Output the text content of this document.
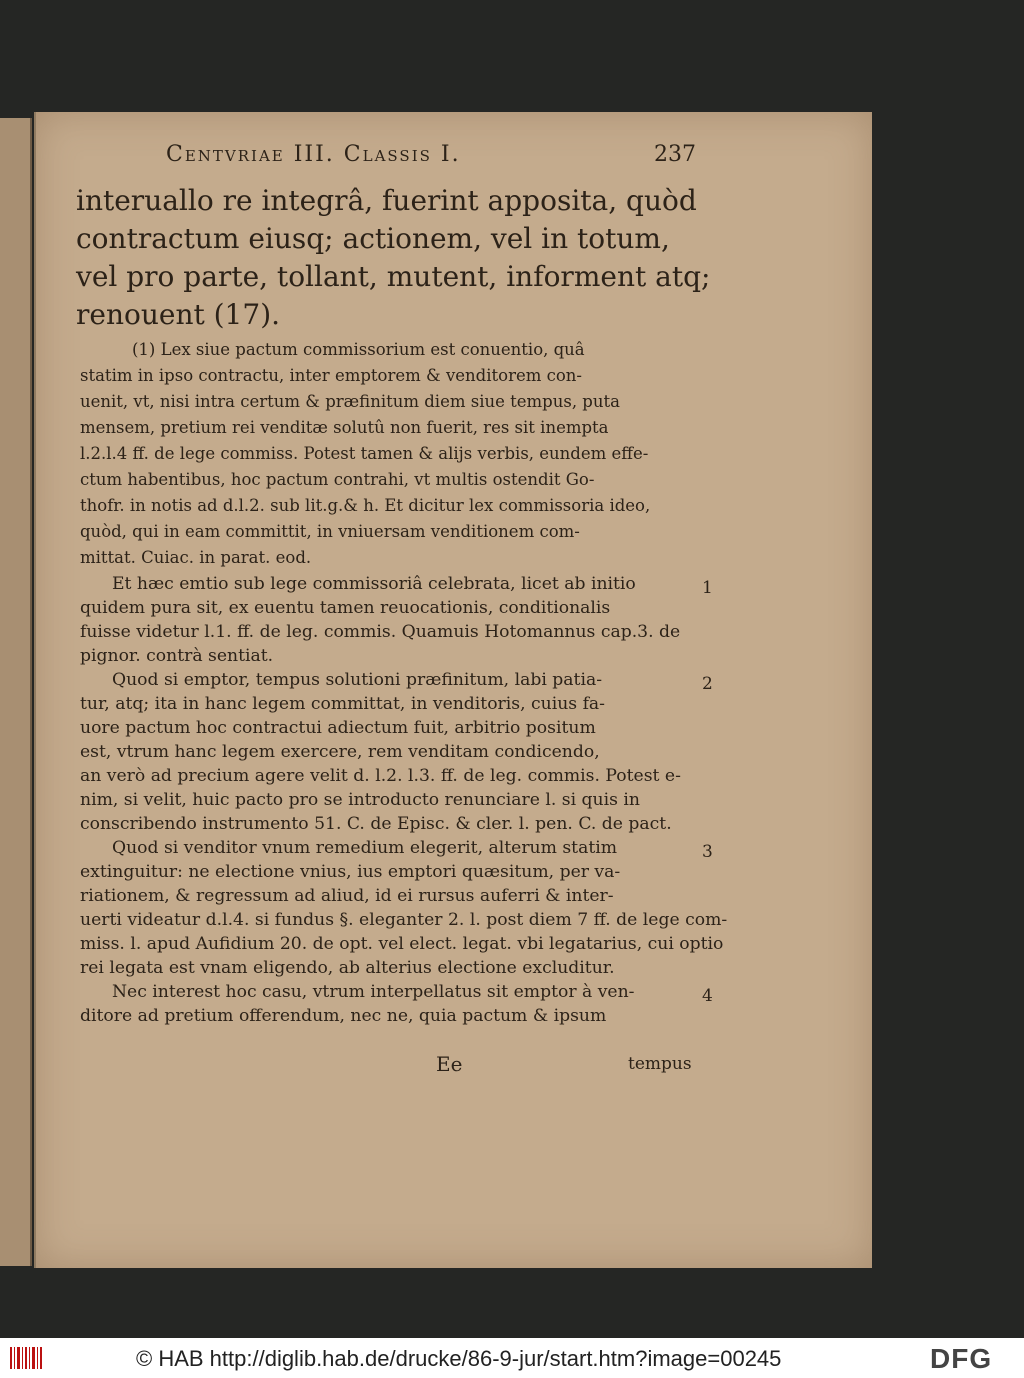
Centvriae III. Classis I.	237
interuallo re integrâ, fuerint apposita, quòd
contractum eiusq; actionem, vel in totum,
vel pro parte, tollant, mutent, informent atq;
renouent (17).
(1) Lex siue pactum commissorium est conuentio, quâ
statim in ipso contractu, inter emptorem & venditorem con-
uenit, vt, nisi intra certum & præfinitum diem siue tempus, puta
mensem, pretium rei venditæ solutû non fuerit, res sit inempta
l.2.l.4 ff. de lege commiss. Potest tamen & alijs verbis, eundem effe-
ctum habentibus, hoc pactum contrahi, vt multis ostendit Go-
thofr. in notis ad d.l.2. sub lit.g.& h. Et dicitur lex commissoria ideo,
quòd, qui in eam committit, in vniuersam venditionem com-
mittat. Cuiac. in parat. eod.
Et hæc emtio sub lege commissoriâ celebrata, licet ab initio
quidem pura sit, ex euentu tamen reuocationis, conditionalis
fuisse videtur l.1. ff. de leg. commis. Quamuis Hotomannus cap.3. de
pignor. contrà sentiat.
Quod si emptor, tempus solutioni præfinitum, labi patia-
tur, atq; ita in hanc legem committat, in venditoris, cuius fa-
uore pactum hoc contractui adiectum fuit, arbitrio positum
est, vtrum hanc legem exercere, rem venditam condicendo,
an verò ad precium agere velit d. l.2. l.3. ff. de leg. commis. Potest e-
nim, si velit, huic pacto pro se introducto renunciare l. si quis in
conscribendo instrumento 51. C. de Episc. & cler. l. pen. C. de pact.
Quod si venditor vnum remedium elegerit, alterum statim
extinguitur: ne electione vnius, ius emptori quæsitum, per va-
riationem, & regressum ad aliud, id ei rursus auferri & inter-
uerti videatur d.l.4. si fundus §. eleganter 2. l. post diem 7 ff. de lege com-
miss. l. apud Aufidium 20. de opt. vel elect. legat. vbi legatarius, cui optio
rei legata est vnam eligendo, ab alterius electione excluditur.
Nec interest hoc casu, vtrum interpellatus sit emptor à ven-
ditore ad pretium offerendum, nec ne, quia pactum & ipsum
1
2
3
4
Ee	tempus
© HAB http://diglib.hab.de/drucke/86-9-jur/start.htm?image=00245	DFG
